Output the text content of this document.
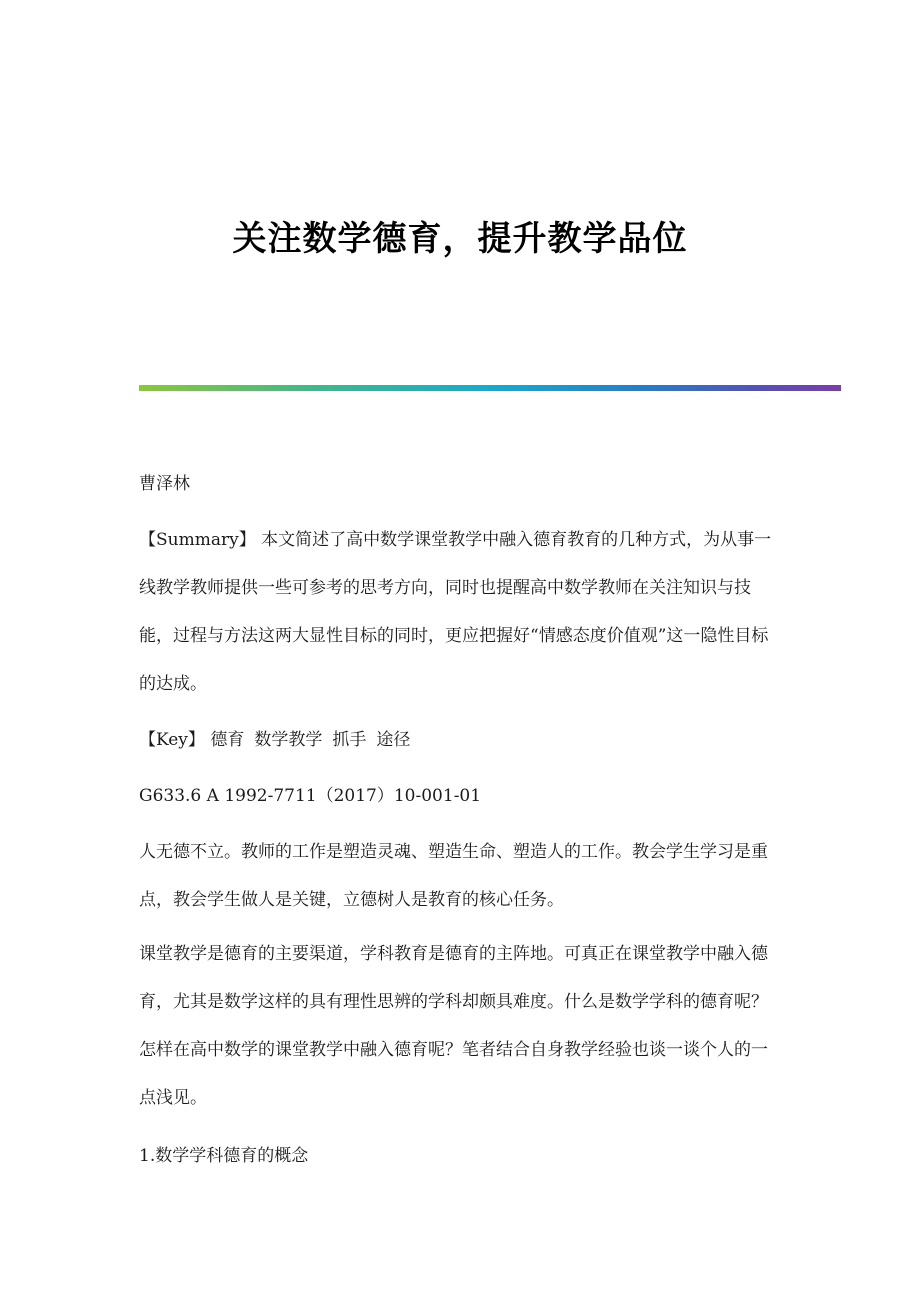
关注数学德育，提升教学品位

曹泽林

【Summary】 本文简述了高中数学课堂教学中融入德育教育的几种方式，为从事一线教学教师提供一些可参考的思考方向，同时也提醒高中数学教师在关注知识与技能，过程与方法这两大显性目标的同时，更应把握好“情感态度价值观”这一隐性目标的达成。

【Key】 德育 数学教学 抓手 途径

G633.6 A 1992-7711（2017）10-001-01

人无德不立。教师的工作是塑造灵魂、塑造生命、塑造人的工作。教会学生学习是重点，教会学生做人是关键，立德树人是教育的核心任务。

课堂教学是德育的主要渠道，学科教育是德育的主阵地。可真正在课堂教学中融入德育，尤其是数学这样的具有理性思辨的学科却颇具难度。什么是数学学科的德育呢？怎样在高中数学的课堂教学中融入德育呢？笔者结合自身教学经验也谈一谈个人的一点浅见。

1.数学学科德育的概念
